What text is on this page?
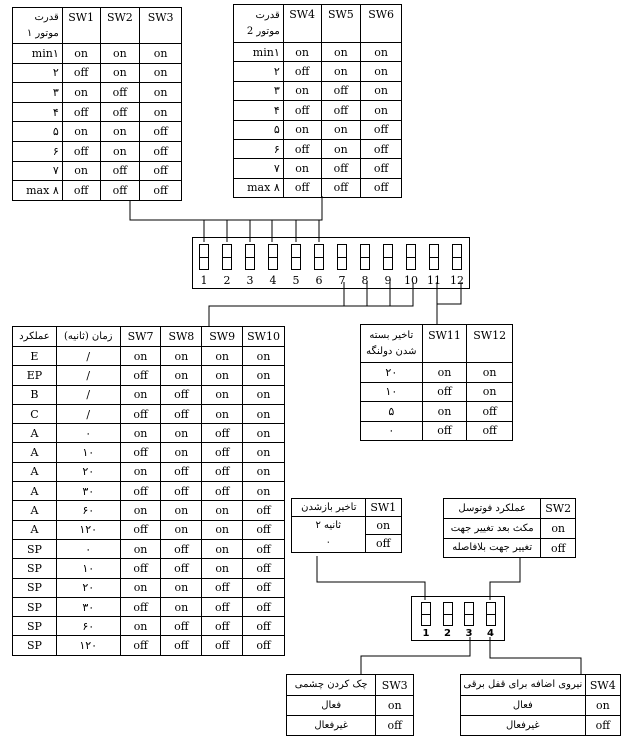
قدرت
موتور ۱	SW1	SW2	SW3
min۱	on	on	on
۲	off	on	on
۳	on	off	on
۴	off	off	on
۵	on	on	off
۶	off	on	off
۷	on	off	off
max ۸	off	off	off
قدرت
موتور 2	SW4	SW5	SW6
min۱	on	on	on
۲	off	on	on
۳	on	off	on
۴	off	off	on
۵	on	on	off
۶	off	on	off
۷	on	off	off
max ۸	off	off	off
عملکرد	زمان (ثانیه)	SW7	SW8	SW9	SW10
E	/	on	on	on	on
EP	/	off	on	on	on
B	/	on	off	on	on
C	/	off	off	on	on
A	۰	on	on	off	on
A	۱۰	off	on	off	on
A	۲۰	on	off	off	on
A	۳۰	off	off	off	on
A	۶۰	on	on	on	off
A	۱۲۰	off	on	on	off
SP	۰	on	off	on	off
SP	۱۰	off	off	on	off
SP	۲۰	on	on	off	off
SP	۳۰	off	on	off	off
SP	۶۰	on	off	off	off
SP	۱۲۰	off	off	off	off
تاخیر بسته
شدن دولنگه	SW11	SW12
۲۰	on	on
۱۰	off	on
۵	on	off
۰	off	off
تاخیر بازشدن	SW1
۲ ثانیه	on
۰	off
عملکرد فوتوسل	SW2
مکث بعد تغییر جهت	on
تغییر جهت بلافاصله	off
چک کردن چشمی	SW3
فعال	on
غیرفعال	off
نیروی اضافه برای قفل برقی	SW4
فعال	on
غیرفعال	off
1	2	3	4	5	6	7	8	9	10 11 12
1	2	3	4
